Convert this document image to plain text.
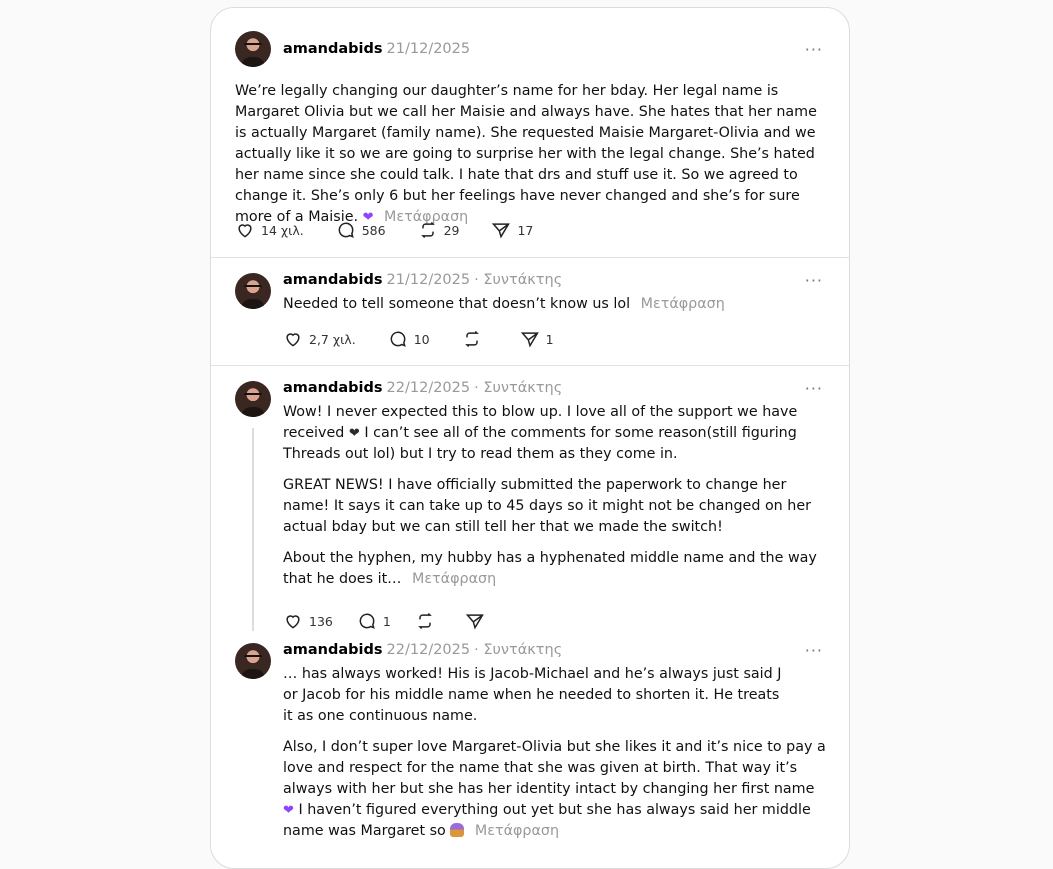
amandabids 21/12/2025	···
We’re legally changing our daughter’s name for her bday. Her legal name is Margaret Olivia but we call her Maisie and always have. She hates that her name is actually Margaret (family name). She requested Maisie Margaret-Olivia and we actually like it so we are going to surprise her with the legal change. She’s hated her name since she could talk. I hate that drs and stuff use it. So we agreed to change it. She’s only 6 but her feelings have never changed and she’s for sure more of a Maisie. ❤ Μετάφραση
14 χιλ.	586	29	17
amandabids 21/12/2025 · Συντάκτης	···
Needed to tell someone that doesn’t know us lol Μετάφραση
2,7 χιλ.	10	1
amandabids 22/12/2025 · Συντάκτης	···

Wow! I never expected this to blow up. I love all of the support we have received ❤ I can’t see all of the comments for some reason(still figuring Threads out lol) but I try to read them as they come in.

GREAT NEWS! I have officially submitted the paperwork to change her name! It says it can take up to 45 days so it might not be changed on her actual bday but we can still tell her that we made the switch!

About the hyphen, my hubby has a hyphenated middle name and the way that he does it… Μετάφραση

136	1
amandabids 22/12/2025 · Συντάκτης	···

… has always worked! His is Jacob-Michael and he’s always just said J or Jacob for his middle name when he needed to shorten it. He treats it as one continuous name.

Also, I don’t super love Margaret-Olivia but she likes it and it’s nice to pay a love and respect for the name that she was given at birth. That way it’s always with her but she has her identity intact by changing her first name ❤ I haven’t figured everything out yet but she has always said her middle name was Margaret so Μετάφραση
